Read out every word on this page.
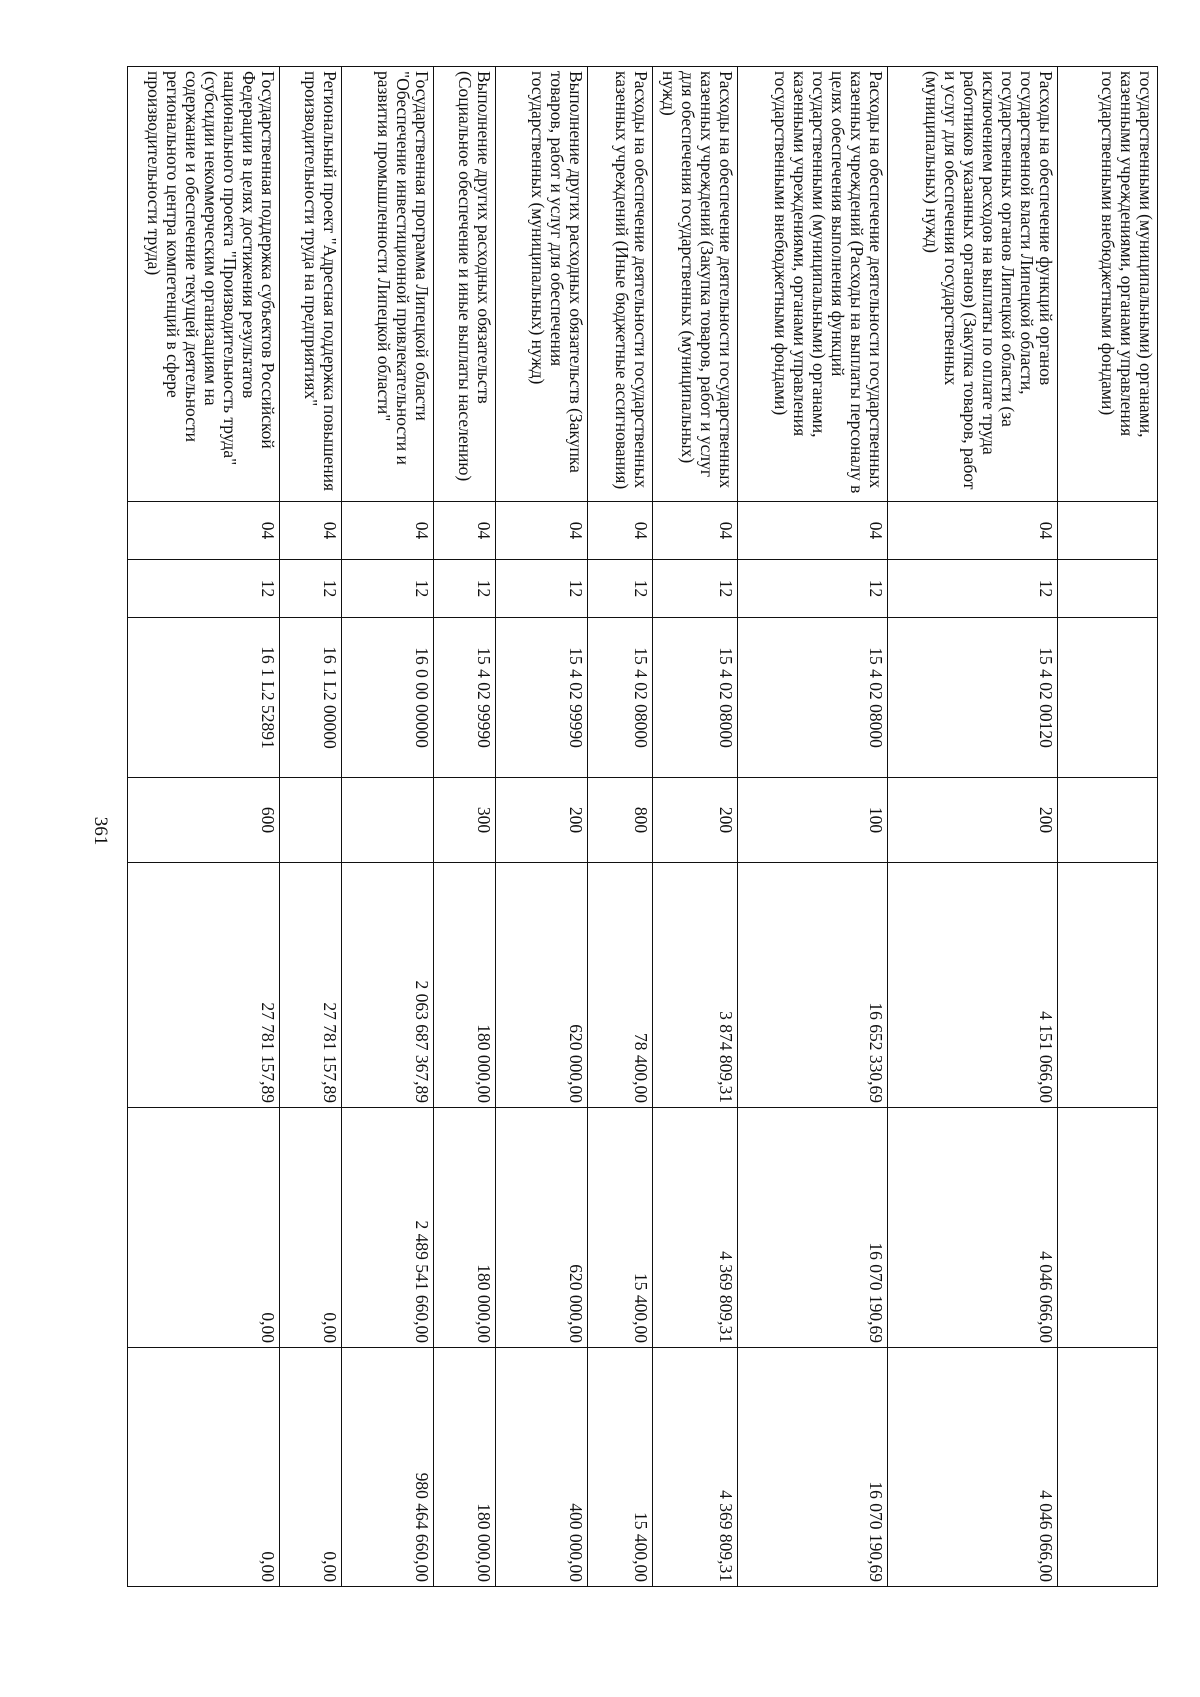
361
государственными (муниципальными) органами, казенными учреждениями, органами управления государственными внебюджетными фондами)							
Расходы на обеспечение функций органов государственной власти Липецкой области, государственных органов Липецкой области (за исключением расходов на выплаты по оплате труда работников указанных органов) (Закупка товаров, работ и услуг для обеспечения государственных (муниципальных) нужд)	04	12	15 4 02 00120	200	4 151 066,00	4 046 066,00	4 046 066,00
Расходы на обеспечение деятельности государственных казенных учреждений (Расходы на выплаты персоналу в целях обеспечения выполнения функций государственными (муниципальными) органами, казенными учреждениями, органами управления государственными внебюджетными фондами)	04	12	15 4 02 08000	100	16 652 330,69	16 070 190,69	16 070 190,69
Расходы на обеспечение деятельности государственных казенных учреждений (Закупка товаров, работ и услуг для обеспечения государственных (муниципальных) нужд)	04	12	15 4 02 08000	200	3 874 809,31	4 369 809,31	4 369 809,31
Расходы на обеспечение деятельности государственных казенных учреждений (Иные бюджетные ассигнования)	04	12	15 4 02 08000	800	78 400,00	15 400,00	15 400,00
Выполнение других расходных обязательств (Закупка товаров, работ и услуг для обеспечения государственных (муниципальных) нужд)	04	12	15 4 02 99990	200	620 000,00	620 000,00	400 000,00
Выполнение других расходных обязательств (Социальное обеспечение и иные выплаты населению)	04	12	15 4 02 99990	300	180 000,00	180 000,00	180 000,00
Государственная программа Липецкой области "Обеспечение инвестиционной привлекательности и развития промышленности Липецкой области"	04	12	16 0 00 00000		2 063 687 367,89	2 489 541 660,00	980 464 660,00
Региональный проект "Адресная поддержка повышения производительности труда на предприятиях"	04	12	16 1 L2 00000		27 781 157,89	0,00	0,00
Государственная поддержка субъектов Российской Федерации в целях достижения результатов национального проекта "Производительность труда" (субсидии некоммерческим организациям на содержание и обеспечение текущей деятельности регионального центра компетенций в сфере производительности труда)	04	12	16 1 L2 52891	600	27 781 157,89	0,00	0,00
